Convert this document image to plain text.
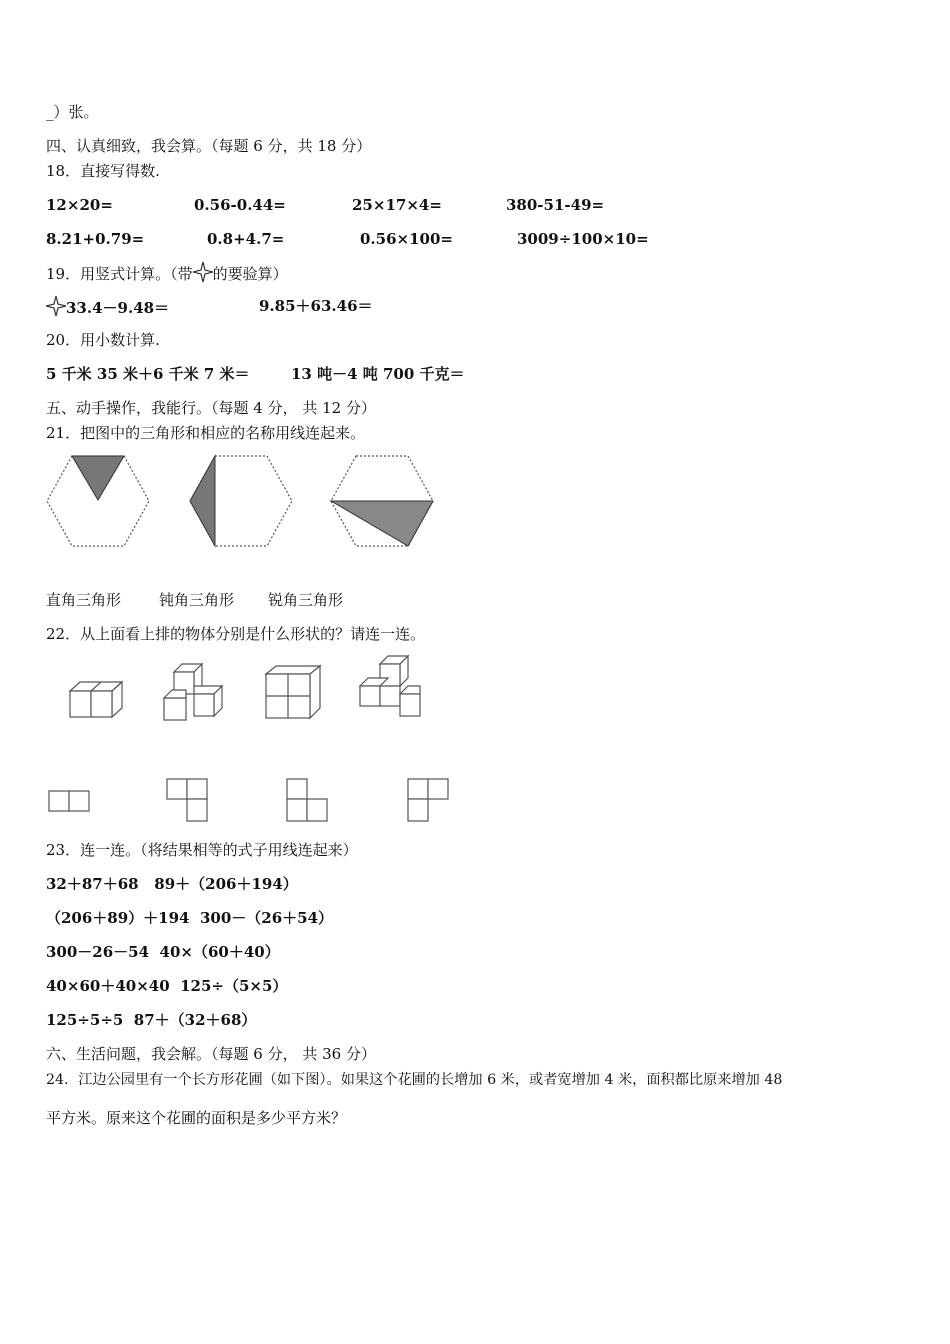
_）张。
四、认真细致，我会算。（每题 6 分，共 18 分）
18．直接写得数.
12×20=	0.56-0.44=	25×17×4=	380-51-49=
8.21+0.79=	0.8+4.7=	0.56×100=	3009÷100×10=
19．用竖式计算。（带 的要验算）
33.4－9.48＝	9.85＋63.46＝
20．用小数计算.
5 千米 35 米＋6 千米 7 米＝	13 吨－4 吨 700 千克＝
五、动手操作，我能行。（每题 4 分， 共 12 分）
21．把图中的三角形和相应的名称用线连起来。
直角三角形	钝角三角形 锐角三角形
22．从上面看上排的物体分别是什么形状的？请连一连。
23．连一连。（将结果相等的式子用线连起来）
32＋87＋68 89＋（206＋194）
（206＋89）＋194 300－（26＋54）
300－26－54 40×（60＋40）
40×60＋40×40 125÷（5×5）
125÷5÷5 87＋（32＋68）
六、生活问题，我会解。（每题 6 分， 共 36 分）
24．江边公园里有一个长方形花圃（如下图）。如果这个花圃的长增加 6 米，或者宽增加 4 米，面积都比原来增加 48
平方米。原来这个花圃的面积是多少平方米？
